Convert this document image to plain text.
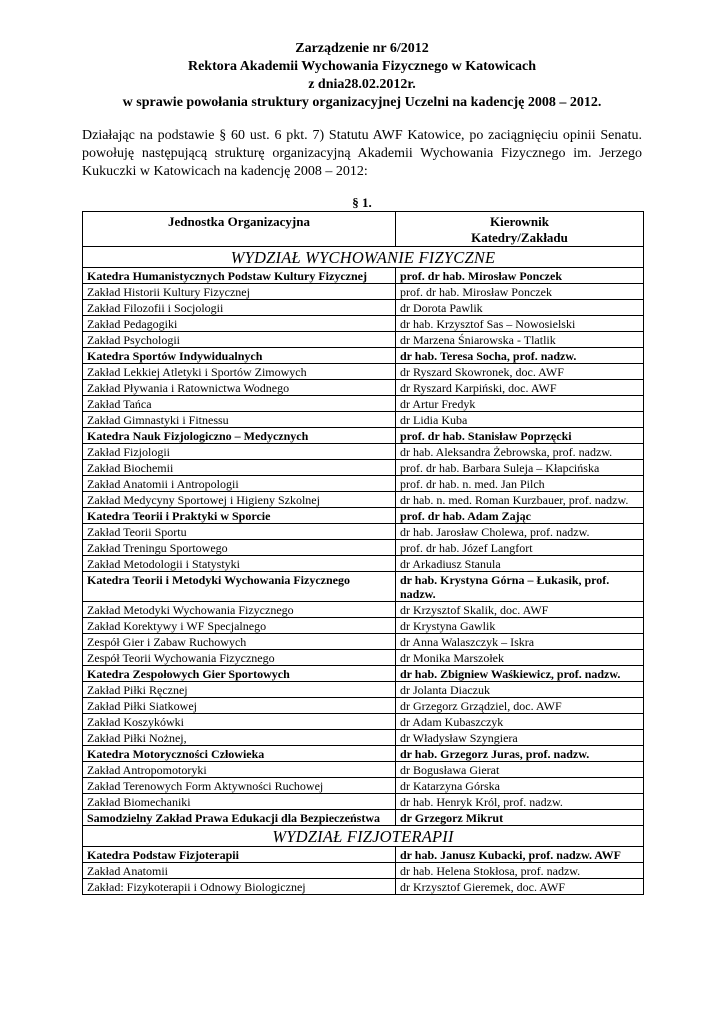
Zarządzenie nr 6/2012
Rektora Akademii Wychowania Fizycznego w Katowicach
z dnia28.02.2012r.
w sprawie powołania struktury organizacyjnej Uczelni na kadencję 2008 – 2012.
Działając na podstawie § 60 ust. 6 pkt. 7) Statutu AWF Katowice, po zaciągnięciu opinii Senatu. powołuję następującą strukturę organizacyjną Akademii Wychowania Fizycznego im. Jerzego Kukuczki w Katowicach na kadencję 2008 – 2012:
§ 1.
Jednostka Organizacyjna	Kierownik Katedry/Zakładu
WYDZIAŁ WYCHOWANIE FIZYCZNE	
Katedra Humanistycznych Podstaw Kultury Fizycznej	prof. dr hab. Mirosław Ponczek
Zakład Historii Kultury Fizycznej	prof. dr hab. Mirosław Ponczek
Zakład Filozofii i Socjologii	dr Dorota Pawlik
Zakład Pedagogiki	dr hab. Krzysztof Sas – Nowosielski
Zakład Psychologii	dr Marzena Śniarowska - Tlatlik
Katedra Sportów Indywidualnych	dr hab. Teresa Socha, prof. nadzw.
Zakład Lekkiej Atletyki i Sportów Zimowych	dr Ryszard Skowronek, doc. AWF
Zakład Pływania i Ratownictwa Wodnego	dr Ryszard Karpiński, doc. AWF
Zakład Tańca	dr Artur Fredyk
Zakład Gimnastyki i Fitnessu	dr Lidia Kuba
Katedra Nauk Fizjologiczno – Medycznych	prof. dr hab. Stanisław Poprzęcki
Zakład Fizjologii	dr hab. Aleksandra Żebrowska, prof. nadzw.
Zakład Biochemii	prof. dr hab. Barbara Suleja – Kłapcińska
Zakład Anatomii i Antropologii	prof. dr hab. n. med. Jan Pilch
Zakład Medycyny Sportowej i Higieny Szkolnej	dr hab. n. med. Roman Kurzbauer, prof. nadzw.
Katedra Teorii i Praktyki w Sporcie	prof. dr hab. Adam Zając
Zakład Teorii Sportu	dr hab. Jarosław Cholewa, prof. nadzw.
Zakład Treningu Sportowego	prof. dr hab. Józef Langfort
Zakład Metodologii i Statystyki	dr Arkadiusz Stanula
Katedra Teorii i Metodyki Wychowania Fizycznego	dr hab. Krystyna Górna – Łukasik, prof. nadzw.
Zakład Metodyki Wychowania Fizycznego	dr Krzysztof Skalik, doc. AWF
Zakład Korektywy i WF Specjalnego	dr Krystyna Gawlik
Zespół Gier i Zabaw Ruchowych	dr Anna Walaszczyk – Iskra
Zespół Teorii Wychowania Fizycznego	dr Monika Marszołek
Katedra Zespołowych Gier Sportowych	dr hab. Zbigniew Waśkiewicz, prof. nadzw.
Zakład Piłki Ręcznej	dr Jolanta Diaczuk
Zakład Piłki Siatkowej	dr Grzegorz Grządziel, doc. AWF
Zakład Koszykówki	dr Adam Kubaszczyk
Zakład Piłki Nożnej,	dr Władysław Szyngiera
Katedra Motoryczności Człowieka	dr hab. Grzegorz Juras, prof. nadzw.
Zakład Antropomotoryki	dr Bogusława Gierat
Zakład Terenowych Form Aktywności Ruchowej	dr Katarzyna Górska
Zakład Biomechaniki	dr hab. Henryk Król, prof. nadzw.
Samodzielny Zakład Prawa Edukacji dla Bezpieczeństwa	dr Grzegorz Mikrut
WYDZIAŁ FIZJOTERAPII	
Katedra Podstaw Fizjoterapii	dr hab. Janusz Kubacki, prof. nadzw. AWF
Zakład Anatomii	dr hab. Helena Stokłosa, prof. nadzw.
Zakład: Fizykoterapii i Odnowy Biologicznej	dr Krzysztof Gieremek, doc. AWF
